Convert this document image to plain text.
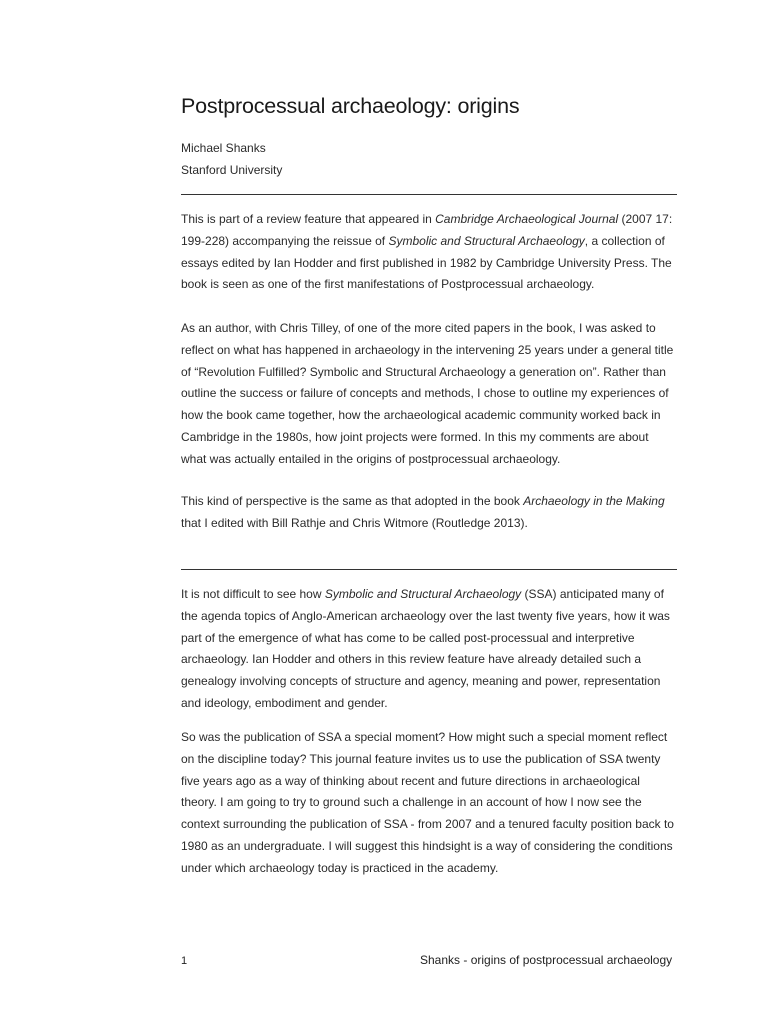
Postprocessual archaeology: origins
Michael Shanks
Stanford University

This is part of a review feature that appeared in Cambridge Archaeological Journal (2007 17: 199-228) accompanying the reissue of Symbolic and Structural Archaeology, a collection of essays edited by Ian Hodder and first published in 1982 by Cambridge University Press. The book is seen as one of the first manifestations of Postprocessual archaeology.

As an author, with Chris Tilley, of one of the more cited papers in the book, I was asked to reflect on what has happened in archaeology in the intervening 25 years under a general title of “Revolution Fulfilled? Symbolic and Structural Archaeology a generation on”. Rather than outline the success or failure of concepts and methods, I chose to outline my experiences of how the book came together, how the archaeological academic community worked back in Cambridge in the 1980s, how joint projects were formed. In this my comments are about what was actually entailed in the origins of postprocessual archaeology.

This kind of perspective is the same as that adopted in the book Archaeology in the Making that I edited with Bill Rathje and Chris Witmore (Routledge 2013).

It is not difficult to see how Symbolic and Structural Archaeology (SSA) anticipated many of the agenda topics of Anglo-American archaeology over the last twenty five years, how it was part of the emergence of what has come to be called post-processual and interpretive archaeology. Ian Hodder and others in this review feature have already detailed such a genealogy involving concepts of structure and agency, meaning and power, representation and ideology, embodiment and gender.

So was the publication of SSA a special moment? How might such a special moment reflect on the discipline today? This journal feature invites us to use the publication of SSA twenty five years ago as a way of thinking about recent and future directions in archaeological theory. I am going to try to ground such a challenge in an account of how I now see the context surrounding the publication of SSA - from 2007 and a tenured faculty position back to 1980 as an undergraduate. I will suggest this hindsight is a way of considering the conditions under which archaeology today is practiced in the academy.

1	Shanks - origins of postprocessual archaeology
